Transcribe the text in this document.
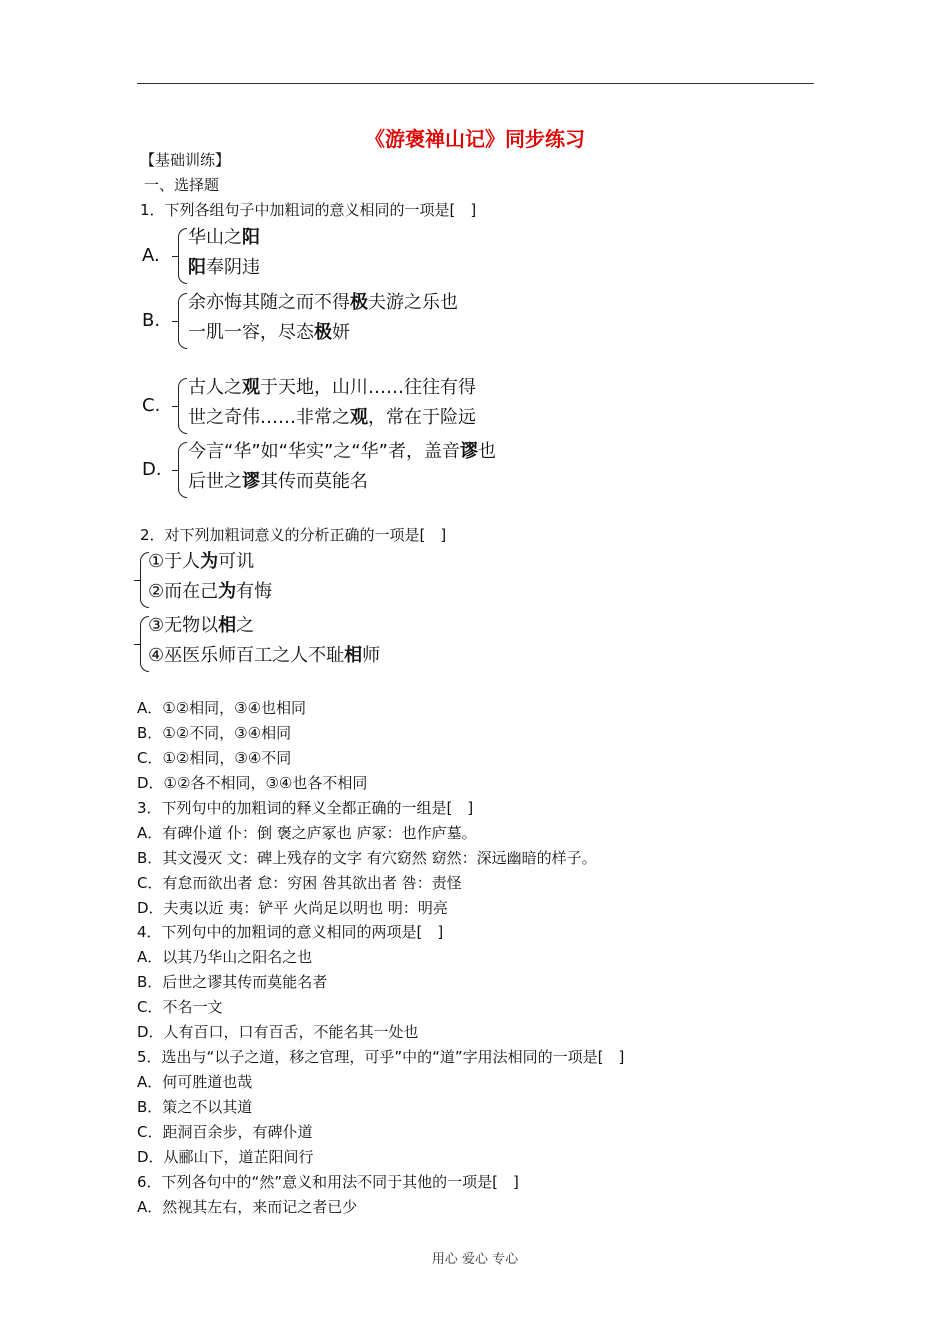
《游褒禅山记》同步练习
【基础训练】
一、选择题
1．下列各组句子中加粗词的意义相同的一项是[　]
A.
华山之阳
阳奉阴违
B.
余亦悔其随之而不得极夫游之乐也
一肌一容，尽态极妍
C.
古人之观于天地，山川……往往有得
世之奇伟……非常之观，常在于险远
D.
今言“华”如“华实”之“华”者，盖音谬也
后世之谬其传而莫能名
2．对下列加粗词意义的分析正确的一项是[　]
①于人为可讥
②而在己为有悔
③无物以相之
④巫医乐师百工之人不耻相师
A．①②相同，③④也相同
B．①②不同，③④相同
C．①②相同，③④不同
D．①②各不相同，③④也各不相同
3．下列句中的加粗词的释义全都正确的一组是[　]
A．有碑仆道 仆：倒 褒之庐冢也 庐冢：也作庐墓。
B．其文漫灭 文：碑上残存的文字 有穴窈然 窈然：深远幽暗的样子。
C．有怠而欲出者 怠：穷困 咎其欲出者 咎：责怪
D．夫夷以近 夷：铲平 火尚足以明也 明：明亮
4．下列句中的加粗词的意义相同的两项是[　]
A．以其乃华山之阳名之也
B．后世之谬其传而莫能名者
C．不名一文
D．人有百口，口有百舌，不能名其一处也
5．选出与“以子之道，移之官理，可乎”中的“道”字用法相同的一项是[　]
A．何可胜道也哉
B．策之不以其道
C．距洞百余步，有碑仆道
D．从郦山下，道芷阳间行
6．下列各句中的“然”意义和用法不同于其他的一项是[　]
A．然视其左右，来而记之者已少
用心 爱心 专心
